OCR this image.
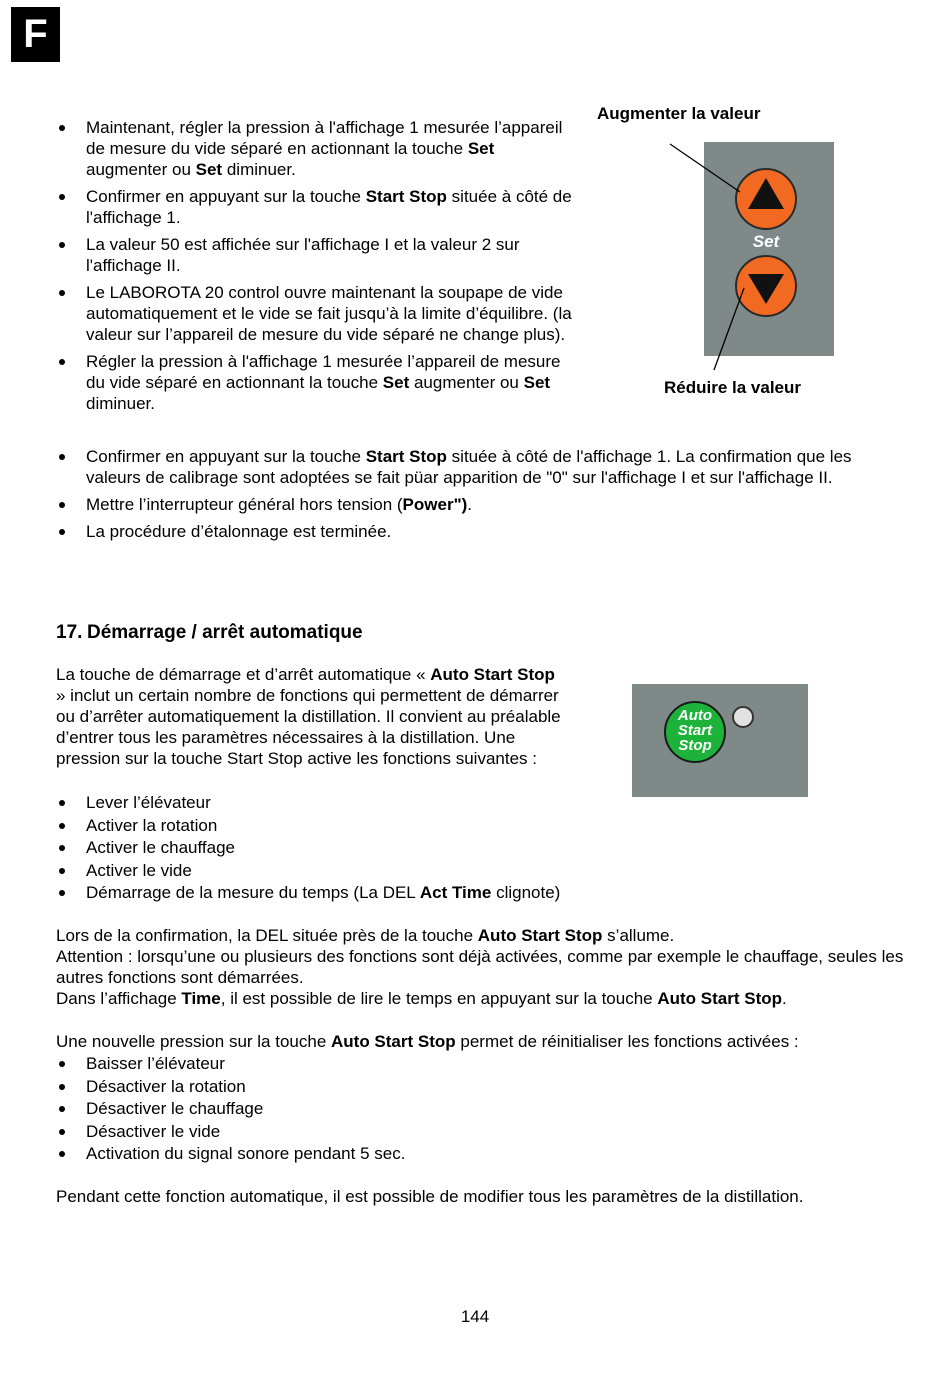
F
Maintenant, régler la pression à l'affichage 1 mesurée l’appareil de mesure du vide séparé en actionnant la touche Set augmenter ou Set diminuer.
Confirmer en appuyant sur la touche Start Stop située à côté de l'affichage 1.
La valeur 50 est affichée sur l'affichage I et la valeur 2 sur l'affichage II.
Le LABOROTA 20 control ouvre maintenant la soupape de vide automatiquement et le vide se fait jusqu’à la limite d’équilibre. (la valeur sur l’appareil de mesure du vide séparé ne change plus).
Régler la pression à l'affichage 1 mesurée l’appareil de mesure du vide séparé en actionnant la touche Set augmenter ou Set diminuer.
Augmenter la valeur
Réduire la valeur
Set
Confirmer en appuyant sur la touche Start Stop située à côté de l'affichage 1. La confirmation que les valeurs de calibrage sont adoptées se fait püar apparition de "0" sur l'affichage I et sur l'affichage II.
Mettre l’interrupteur général hors tension (Power").
La procédure d’étalonnage est terminée.
17. Démarrage / arrêt automatique

La touche de démarrage et d’arrêt automatique « Auto Start Stop » inclut un certain nombre de fonctions qui permettent de démarrer ou d’arrêter automatiquement la distillation. Il convient au préalable d’entrer tous les paramètres nécessaires à la distillation. Une pression sur la touche Start Stop active les fonctions suivantes :

Lever l’élévateur
Activer la rotation
Activer le chauffage
Activer le vide
Démarrage de la mesure du temps (La DEL Act Time clignote)
Auto
Start
Stop
Lors de la confirmation, la DEL située près de la touche Auto Start Stop s’allume.
Attention : lorsqu’une ou plusieurs des fonctions sont déjà activées, comme par exemple le chauffage, seules les autres fonctions sont démarrées.
Dans l’affichage Time, il est possible de lire le temps en appuyant sur la touche Auto Start Stop.

Une nouvelle pression sur la touche Auto Start Stop permet de réinitialiser les fonctions activées :

Baisser l’élévateur
Désactiver la rotation
Désactiver le chauffage
Désactiver le vide
Activation du signal sonore pendant 5 sec.

Pendant cette fonction automatique, il est possible de modifier tous les paramètres de la distillation.

144
